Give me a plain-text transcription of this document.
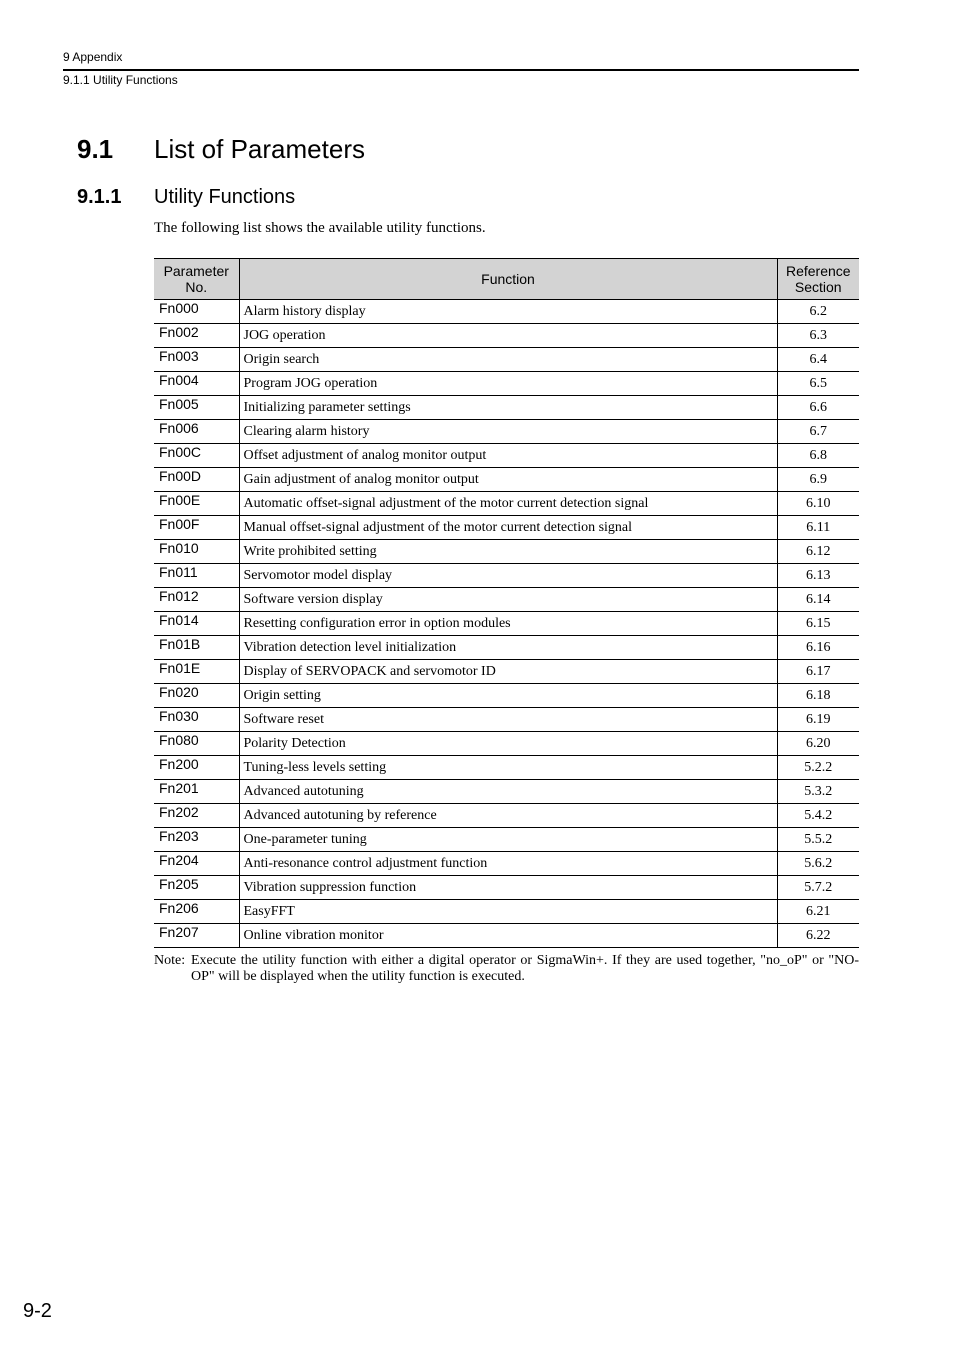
9 Appendix
9.1.1 Utility Functions
9.1 List of Parameters
9.1.1 Utility Functions
The following list shows the available utility functions.
Parameter No.	Function	Reference Section
Fn000	Alarm history display	6.2
Fn002	JOG operation	6.3
Fn003	Origin search	6.4
Fn004	Program JOG operation	6.5
Fn005	Initializing parameter settings	6.6
Fn006	Clearing alarm history	6.7
Fn00C	Offset adjustment of analog monitor output	6.8
Fn00D	Gain adjustment of analog monitor output	6.9
Fn00E	Automatic offset-signal adjustment of the motor current detection signal	6.10
Fn00F	Manual offset-signal adjustment of the motor current detection signal	6.11
Fn010	Write prohibited setting	6.12
Fn011	Servomotor model display	6.13
Fn012	Software version display	6.14
Fn014	Resetting configuration error in option modules	6.15
Fn01B	Vibration detection level initialization	6.16
Fn01E	Display of SERVOPACK and servomotor ID	6.17
Fn020	Origin setting	6.18
Fn030	Software reset	6.19
Fn080	Polarity Detection	6.20
Fn200	Tuning-less levels setting	5.2.2
Fn201	Advanced autotuning	5.3.2
Fn202	Advanced autotuning by reference	5.4.2
Fn203	One-parameter tuning	5.5.2
Fn204	Anti-resonance control adjustment function	5.6.2
Fn205	Vibration suppression function	5.7.2
Fn206	EasyFFT	6.21
Fn207	Online vibration monitor	6.22
Note: Execute the utility function with either a digital operator or SigmaWin+. If they are used together, "no_oP" or "NO-OP" will be displayed when the utility function is executed.
9-2
